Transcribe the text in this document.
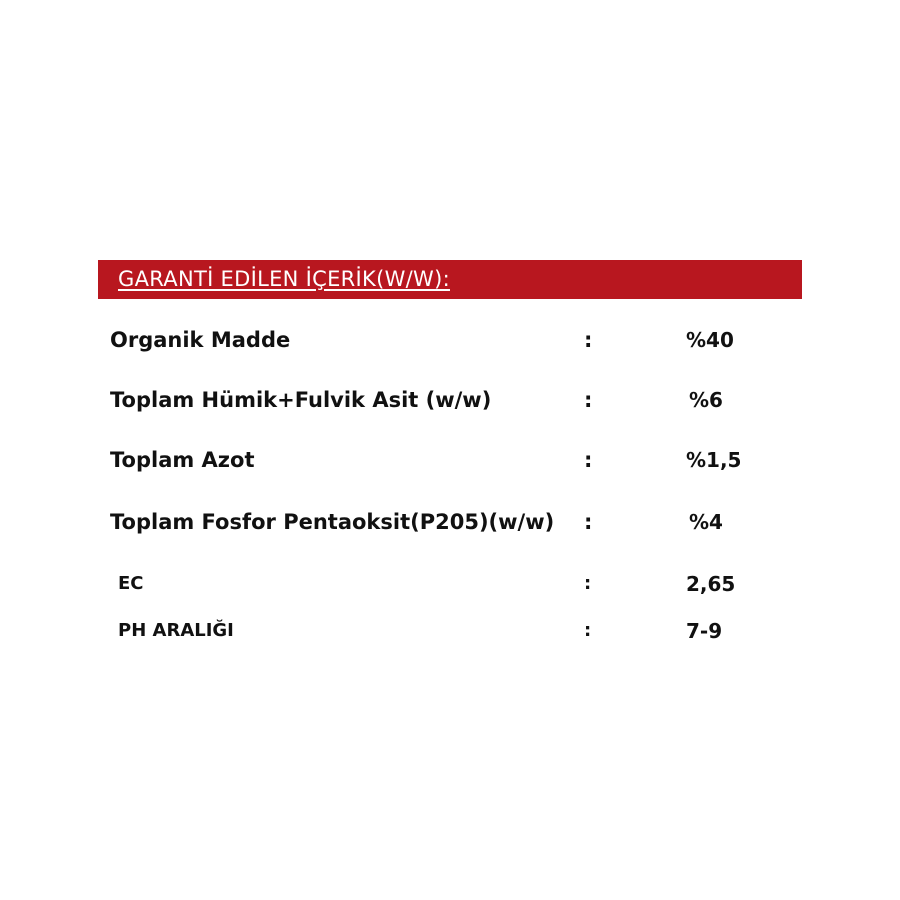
GARANTİ EDİLEN İÇERİK(W/W):
Organik Madde	:	%40
Toplam Hümik+Fulvik Asit (w/w)	:	%6
Toplam Azot	:	%1,5
Toplam Fosfor Pentaoksit(P205)(w/w) :	%4
EC	:	2,65
PH ARALIĞI	:	7-9
